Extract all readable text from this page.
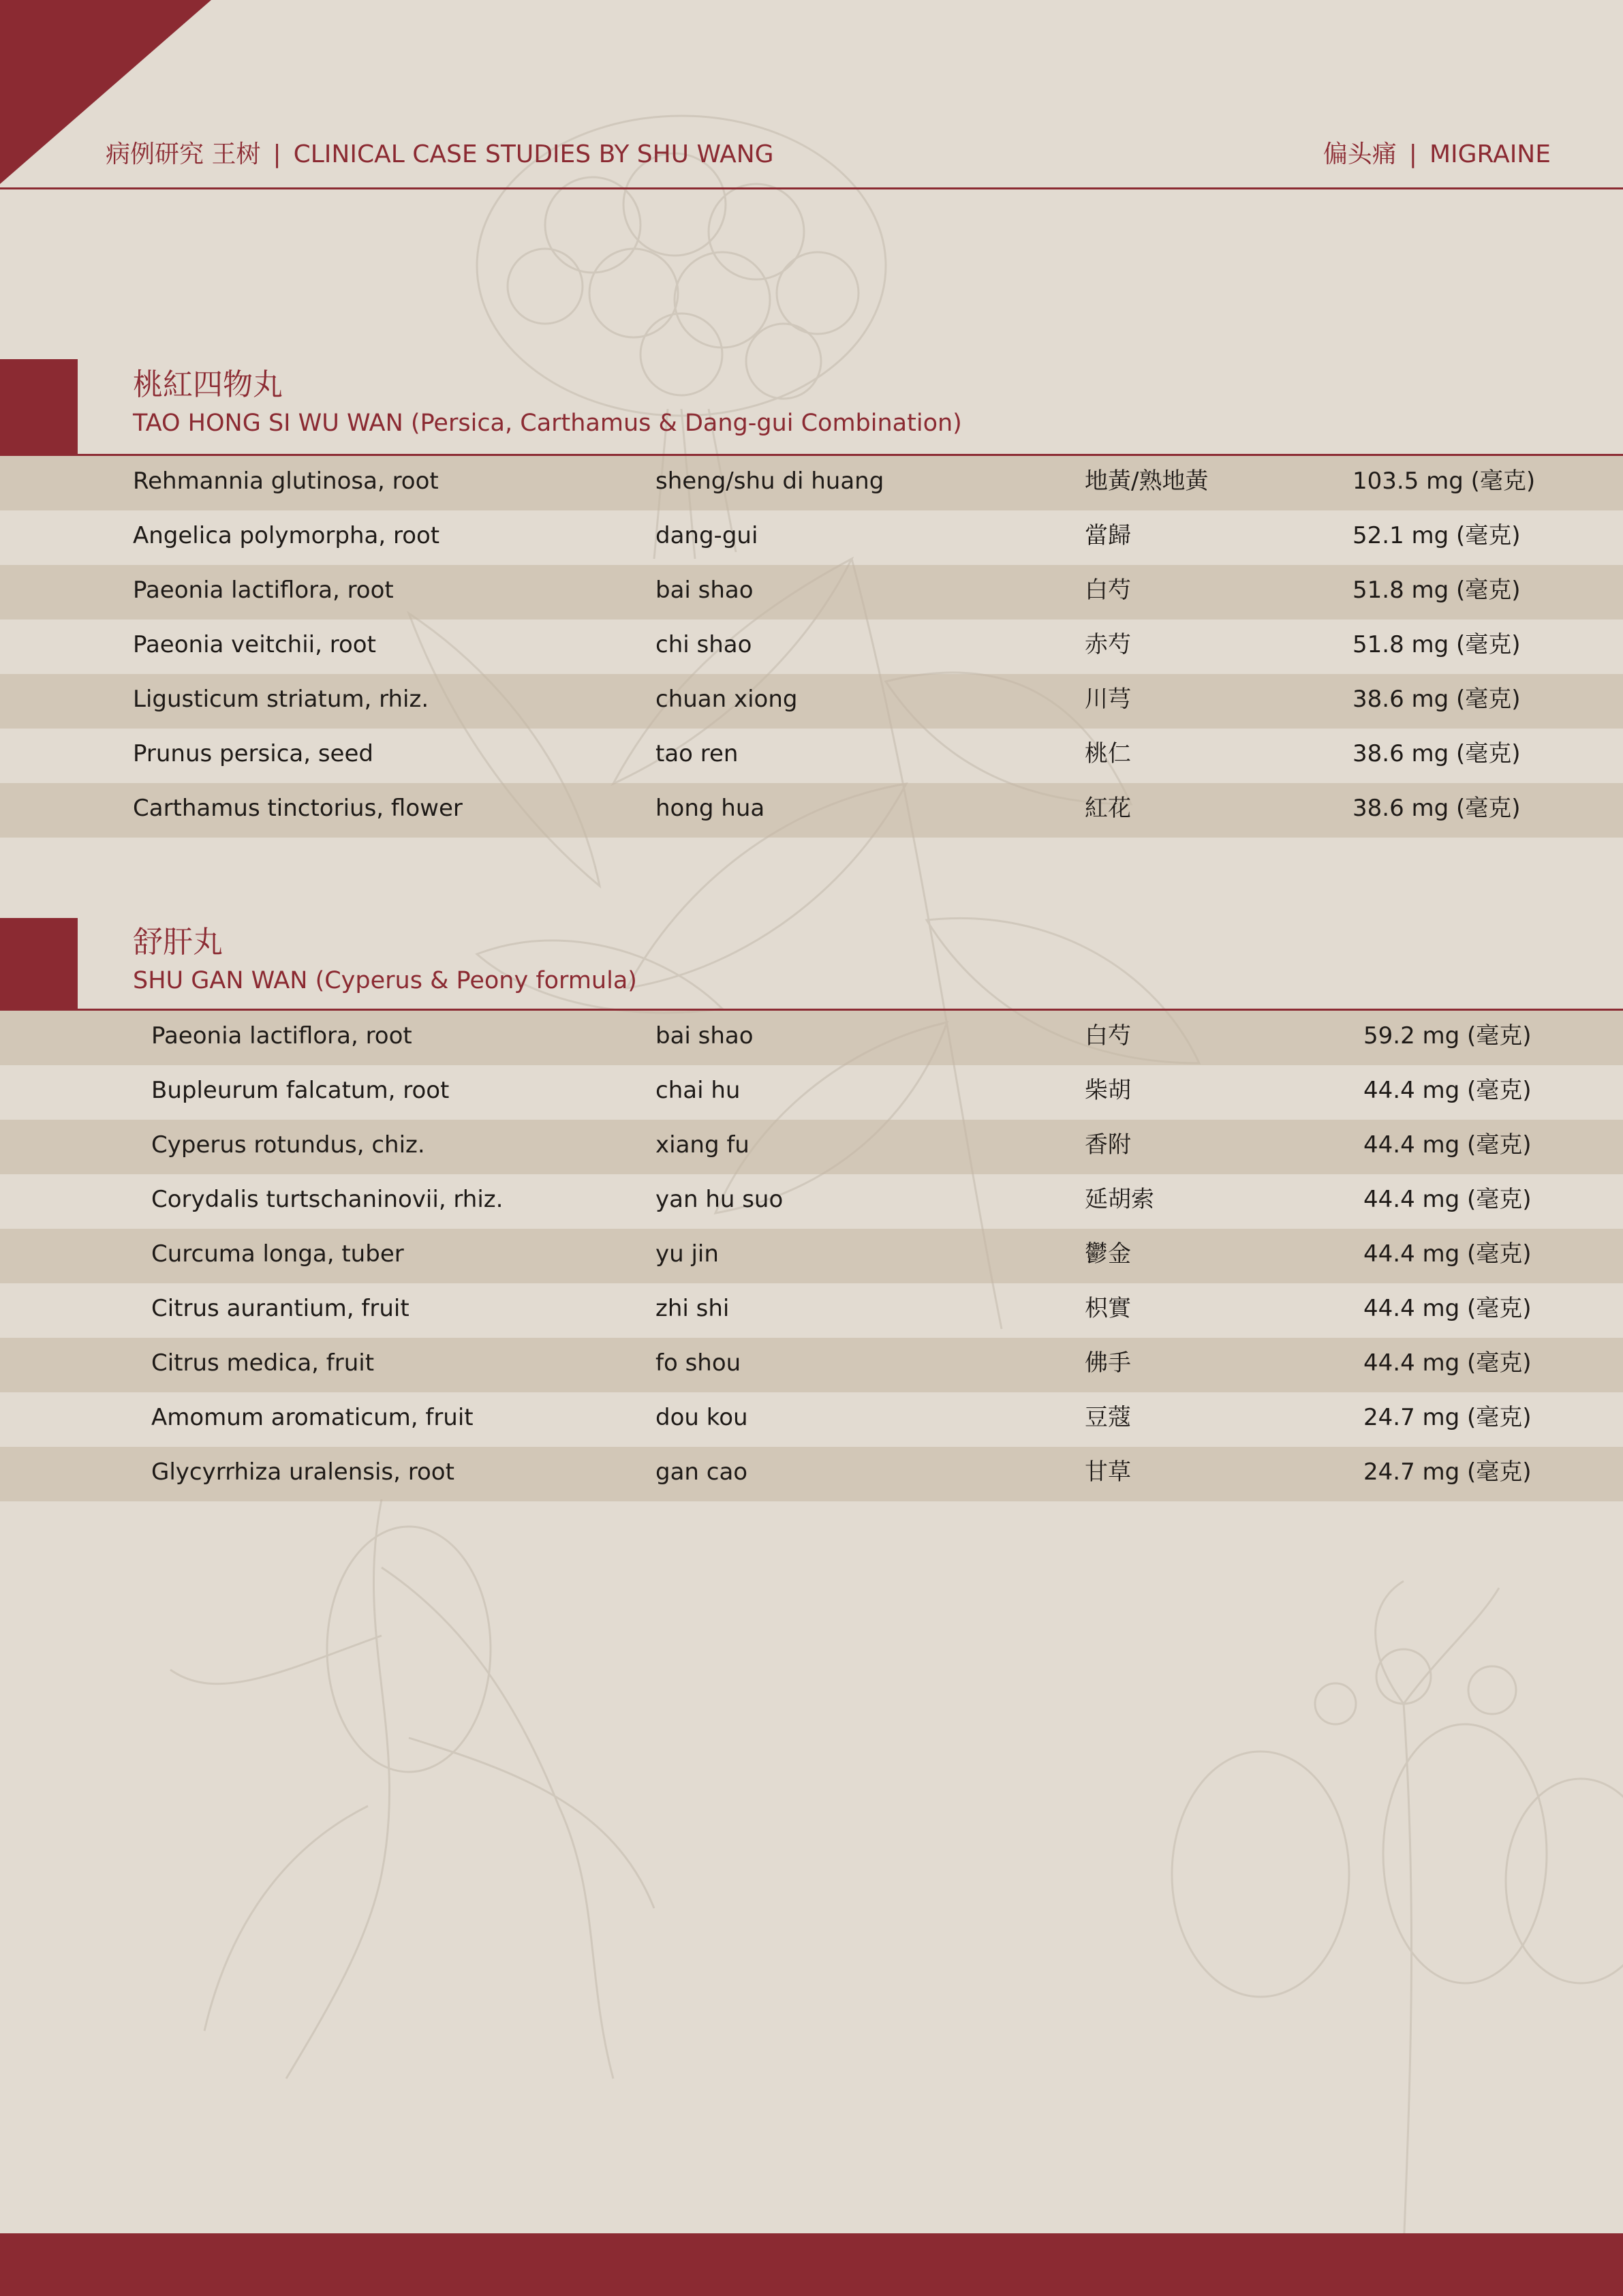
病例研究 王树 | CLINICAL CASE STUDIES BY SHU WANG	偏头痛 | MIGRAINE
桃紅四物丸
TAO HONG SI WU WAN (Persica, Carthamus & Dang-gui Combination)
Rehmannia glutinosa, root	sheng/shu di huang	地黃/熟地黃	103.5 mg (毫克)
Angelica polymorpha, root	dang-gui	當歸	52.1 mg (毫克)
Paeonia lactiflora, root	bai shao	白芍	51.8 mg (毫克)
Paeonia veitchii, root	chi shao	赤芍	51.8 mg (毫克)
Ligusticum striatum, rhiz.	chuan xiong	川芎	38.6 mg (毫克)
Prunus persica, seed	tao ren	桃仁	38.6 mg (毫克)
Carthamus tinctorius, flower	hong hua	紅花	38.6 mg (毫克)
舒肝丸
SHU GAN WAN (Cyperus & Peony formula)
Paeonia lactiflora, root	bai shao	白芍	59.2 mg (毫克)
Bupleurum falcatum, root	chai hu	柴胡	44.4 mg (毫克)
Cyperus rotundus, chiz.	xiang fu	香附	44.4 mg (毫克)
Corydalis turtschaninovii, rhiz.	yan hu suo	延胡索	44.4 mg (毫克)
Curcuma longa, tuber	yu jin	鬱金	44.4 mg (毫克)
Citrus aurantium, fruit	zhi shi	枳實	44.4 mg (毫克)
Citrus medica, fruit	fo shou	佛手	44.4 mg (毫克)
Amomum aromaticum, fruit	dou kou	豆蔻	24.7 mg (毫克)
Glycyrrhiza uralensis, root	gan cao	甘草	24.7 mg (毫克)
